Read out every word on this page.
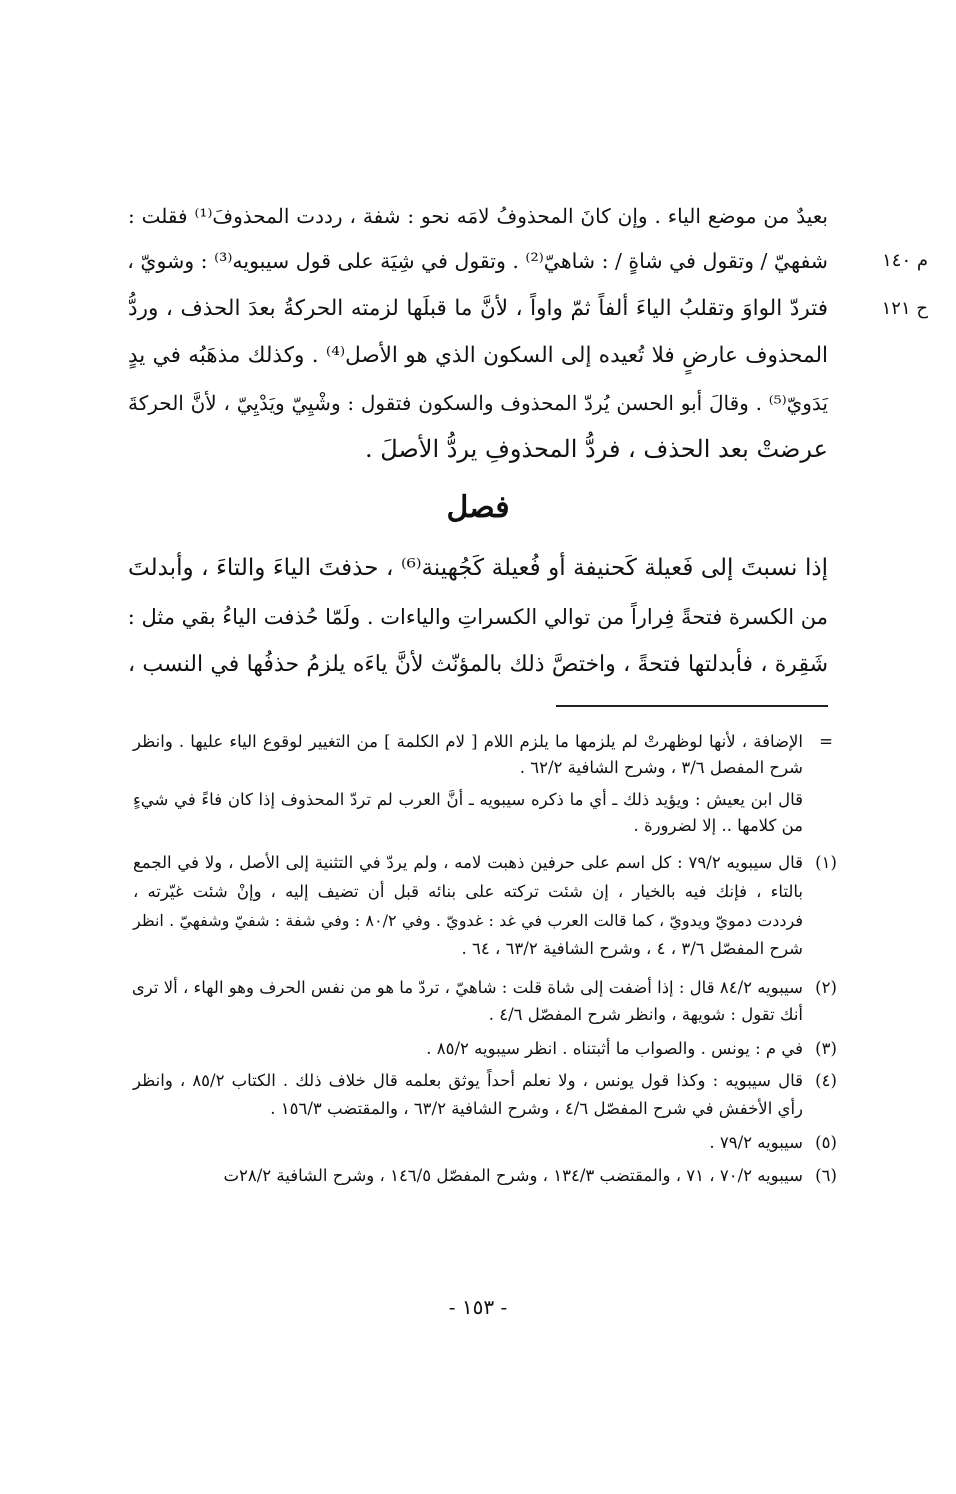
بعيدٌ من موضع الياء . وإن كانَ المحذوفُ لامَه نحو : شفة ، رددت المحذوفَ⁽¹⁾ فقلت :
شفهيّ / وتقول في شاةٍ / : شاهيّ⁽²⁾ . وتقول في شِيَة على قول سيبويه⁽³⁾ : وشويّ ،
فتردّ الواوَ وتقلبُ الياءَ ألفاً ثمّ واواً ، لأنَّ ما قبلَها لزمته الحركةُ بعدَ الحذف ، وردُّ
المحذوف عارضٍ فلا تُعيده إلى السكون الذي هو الأصل⁽⁴⁾ . وكذلك مذهَبُه في يدٍ
يَدَويّ⁽⁵⁾ . وقالَ أبو الحسن يُردّ المحذوف والسكون فتقول : وشْيِيّ ويَدْيِيّ ، لأنَّ الحركةَ
عرضتْ بعد الحذف ، فردُّ المحذوفِ يردُّ الأصلَ .
م ١٤٠
ح ١٢١
فصل
إذا نسبتَ إلى فَعيلة كَحنيفة أو فُعيلة كَجُهينة⁽⁶⁾ ، حذفتَ الياءَ والتاءَ ، وأبدلتَ
من الكسرة فتحةً فِراراً من توالي الكسراتِ والياءات . ولَمّا حُذفت الياءُ بقي مثل :
شَقِرة ، فأبدلتها فتحةً ، واختصَّ ذلك بالمؤنّث لأنَّ ياءَه يلزمُ حذفُها في النسب ،
=
الإضافة ، لأنها لوظهرتْ لم يلزمها ما يلزم اللام [ لام الكلمة ] من التغيير لوقوع الياء عليها . وانظر
شرح المفصل ٣/٦ ، وشرح الشافية ٦٢/٢ .
قال ابن يعيش : ويؤيد ذلك ـ أي ما ذكره سيبويه ـ أنَّ العرب لم تردّ المحذوف إذا كان فاءً في شيءٍ
من كلامها .. إلا لضرورة .
(١)
قال سيبويه ٧٩/٢ : كل اسم على حرفين ذهبت لامه ، ولم يردّ في التثنية إلى الأصل ، ولا في الجمع
بالتاء ، فإنك فيه بالخيار ، إن شئت تركته على بنائه قبل أن تضيف إليه ، وإنْ شئت غيّرته ،
فرددت دمويّ ويدويّ ، كما قالت العرب في غد : غدويّ . وفي ٨٠/٢ : وفي شفة : شفيّ وشفهيّ . انظر
شرح المفصّل ٣/٦ ، ٤ ، وشرح الشافية ٦٣/٢ ، ٦٤ .
(٢)
سيبويه ٨٤/٢ قال : إذا أضفت إلى شاة قلت : شاهيّ ، تردّ ما هو من نفس الحرف وهو الهاء ، ألا ترى
أنك تقول : شويهة ، وانظر شرح المفصّل ٤/٦ .
(٣)
في م : يونس . والصواب ما أثبتناه . انظر سيبويه ٨٥/٢ .
(٤)
قال سيبويه : وكذا قول يونس ، ولا نعلم أحداً يوثق بعلمه قال خلاف ذلك . الكتاب ٨٥/٢ ، وانظر
رأي الأخفش في شرح المفصّل ٤/٦ ، وشرح الشافية ٦٣/٢ ، والمقتضب ١٥٦/٣ .
(٥)
سيبويه ٧٩/٢ .
(٦)
سيبويه ٧٠/٢ ، ٧١ ، والمقتضب ١٣٤/٣ ، وشرح المفصّل ١٤٦/٥ ، وشرح الشافية ٢٨/٢ت
- ١٥٣ -
